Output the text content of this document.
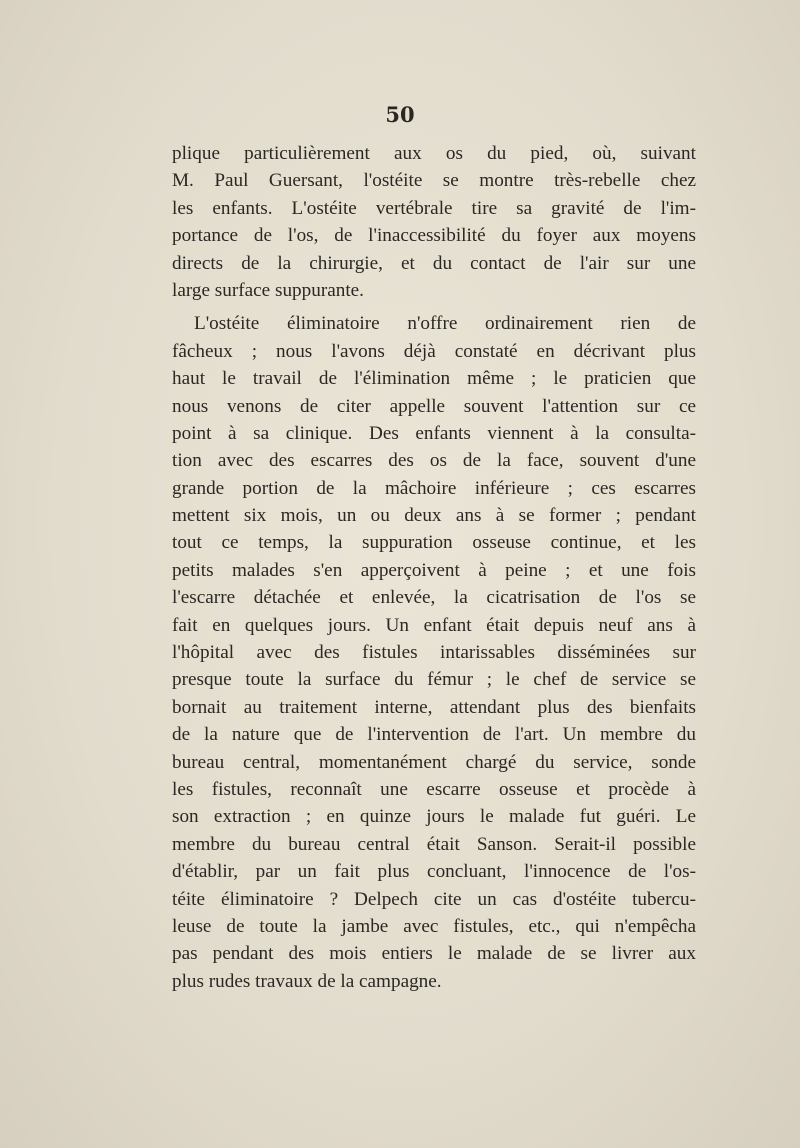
50
plique particulièrement aux os du pied, où, suivant
M. Paul Guersant, l'ostéite se montre très-rebelle chez
les enfants. L'ostéite vertébrale tire sa gravité de l'im-
portance de l'os, de l'inaccessibilité du foyer aux moyens
directs de la chirurgie, et du contact de l'air sur une
large surface suppurante.
L'ostéite éliminatoire n'offre ordinairement rien de
fâcheux ; nous l'avons déjà constaté en décrivant plus
haut le travail de l'élimination même ; le praticien que
nous venons de citer appelle souvent l'attention sur ce
point à sa clinique. Des enfants viennent à la consulta-
tion avec des escarres des os de la face, souvent d'une
grande portion de la mâchoire inférieure ; ces escarres
mettent six mois, un ou deux ans à se former ; pendant
tout ce temps, la suppuration osseuse continue, et les
petits malades s'en apperçoivent à peine ; et une fois
l'escarre détachée et enlevée, la cicatrisation de l'os se
fait en quelques jours. Un enfant était depuis neuf ans à
l'hôpital avec des fistules intarissables disséminées sur
presque toute la surface du fémur ; le chef de service se
bornait au traitement interne, attendant plus des bienfaits
de la nature que de l'intervention de l'art. Un membre du
bureau central, momentanément chargé du service, sonde
les fistules, reconnaît une escarre osseuse et procède à
son extraction ; en quinze jours le malade fut guéri. Le
membre du bureau central était Sanson. Serait-il possible
d'établir, par un fait plus concluant, l'innocence de l'os-
téite éliminatoire ? Delpech cite un cas d'ostéite tubercu-
leuse de toute la jambe avec fistules, etc., qui n'empêcha
pas pendant des mois entiers le malade de se livrer aux
plus rudes travaux de la campagne.
